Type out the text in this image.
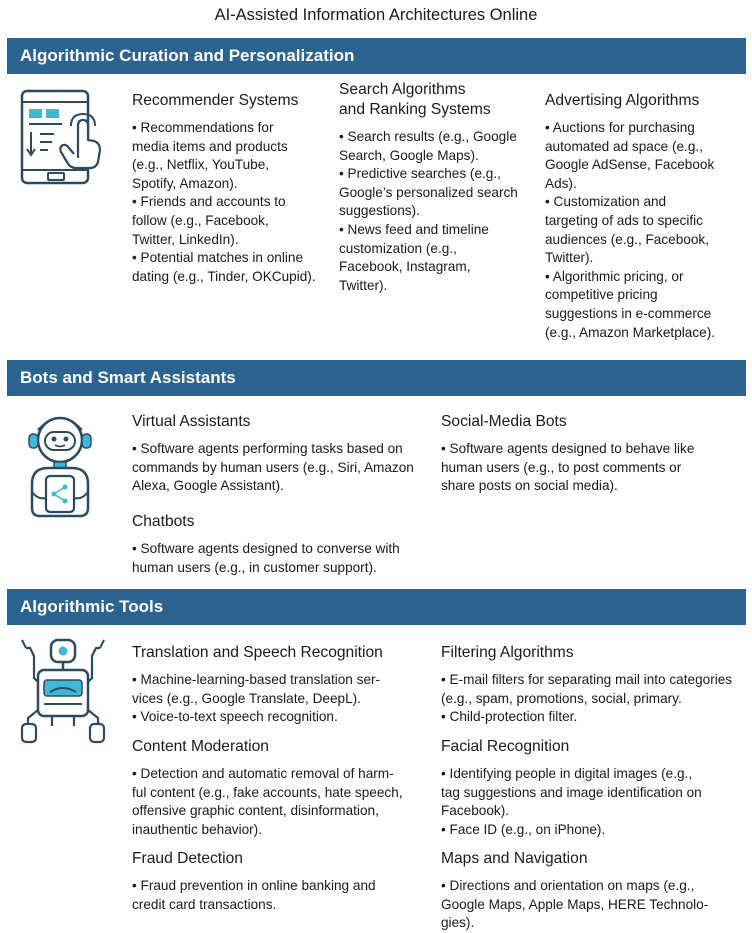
AI-Assisted Information Architectures Online
Algorithmic Curation and Personalization
Recommender Systems
• Recommendations for
media items and products
(e.g., Netflix, YouTube,
Spotify, Amazon).
• Friends and accounts to
follow (e.g., Facebook,
Twitter, LinkedIn).
• Potential matches in online
dating (e.g., Tinder, OKCupid).
Search Algorithms
and Ranking Systems
• Search results (e.g., Google
Search, Google Maps).
• Predictive searches (e.g.,
Google’s personalized search
suggestions).
• News feed and timeline
customization (e.g.,
Facebook, Instagram,
Twitter).
Advertising Algorithms
• Auctions for purchasing
automated ad space (e.g.,
Google AdSense, Facebook
Ads).
• Customization and
targeting of ads to specific
audiences (e.g., Facebook,
Twitter).
• Algorithmic pricing, or
competitive pricing
suggestions in e-commerce
(e.g., Amazon Marketplace).
Bots and Smart Assistants
Virtual Assistants
• Software agents performing tasks based on
commands by human users (e.g., Siri, Amazon
Alexa, Google Assistant).
Chatbots
• Software agents designed to converse with
human users (e.g., in customer support).
Social-Media Bots
• Software agents designed to behave like
human users (e.g., to post comments or
share posts on social media).
Algorithmic Tools
Translation and Speech Recognition
• Machine-learning-based translation ser-
vices (e.g., Google Translate, DeepL).
• Voice-to-text speech recognition.
Content Moderation
• Detection and automatic removal of harm-
ful content (e.g., fake accounts, hate speech,
offensive graphic content, disinformation,
inauthentic behavior).
Fraud Detection
• Fraud prevention in online banking and
credit card transactions.
Filtering Algorithms
• E-mail filters for separating mail into categories
(e.g., spam, promotions, social, primary.
• Child-protection filter.
Facial Recognition
• Identifying people in digital images (e.g.,
tag suggestions and image identification on
Facebook).
• Face ID (e.g., on iPhone).
Maps and Navigation
• Directions and orientation on maps (e.g.,
Google Maps, Apple Maps, HERE Technolo-
gies).
